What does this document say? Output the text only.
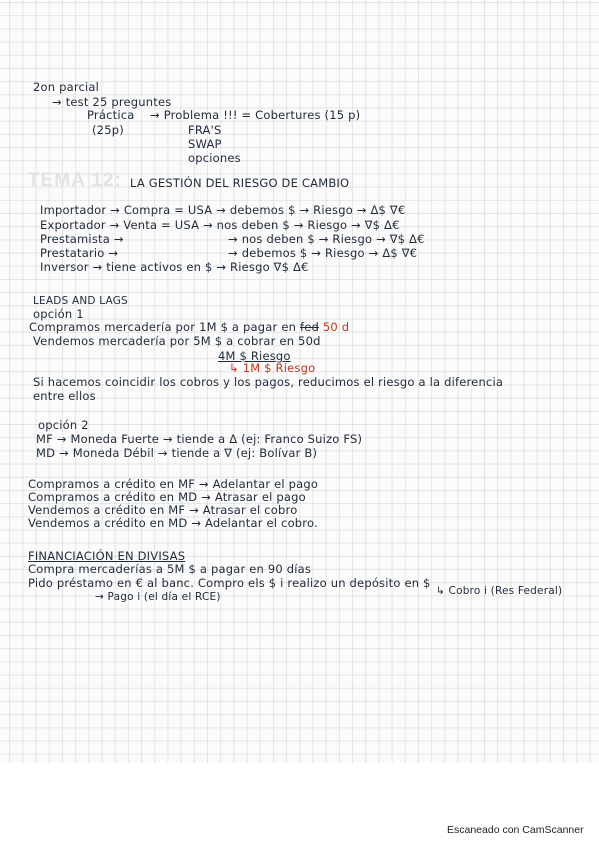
2on parcial
→ test 25 preguntes
Práctica → Problema !!! = Cobertures (15 p)
(25p)	FRA'S
SWAP
opciones
TEMA 12: LA GESTIÓN DEL RIESGO DE CAMBIO
Importador → Compra = USA → debemos $ → Riesgo → Δ$ ∇€
Exportador → Venta = USA → nos deben $ → Riesgo → ∇$ Δ€
Prestamista →	→ nos deben $ → Riesgo → ∇$ Δ€
Prestatario →	→ debemos $ → Riesgo → Δ$ ∇€
Inversor → tiene activos en $ → Riesgo ∇$ Δ€
LEADS AND LAGS
opción 1
Compramos mercadería por 1M $ a pagar en fed 50 d
Vendemos mercadería por 5M $ a cobrar en 50d
4M $ Riesgo
↳ 1M $ Riesgo
Si hacemos coincidir los cobros y los pagos, reducimos el riesgo a la diferencia
entre ellos
opción 2
MF → Moneda Fuerte → tiende a Δ (ej: Franco Suizo FS)
MD → Moneda Débil → tiende a ∇ (ej: Bolívar B)
Compramos a crédito en MF → Adelantar el pago
Compramos a crédito en MD → Atrasar el pago
Vendemos a crédito en MF → Atrasar el cobro
Vendemos a crédito en MD → Adelantar el cobro.
FINANCIACIÓN EN DIVISAS
Compra mercaderías a 5M $ a pagar en 90 días
Pido préstamo en € al banc. Compro els $ i realizo un depósito en $
→ Pago i (el día el RCE)	↳ Cobro i (Res Federal)
Escaneado con CamScanner
